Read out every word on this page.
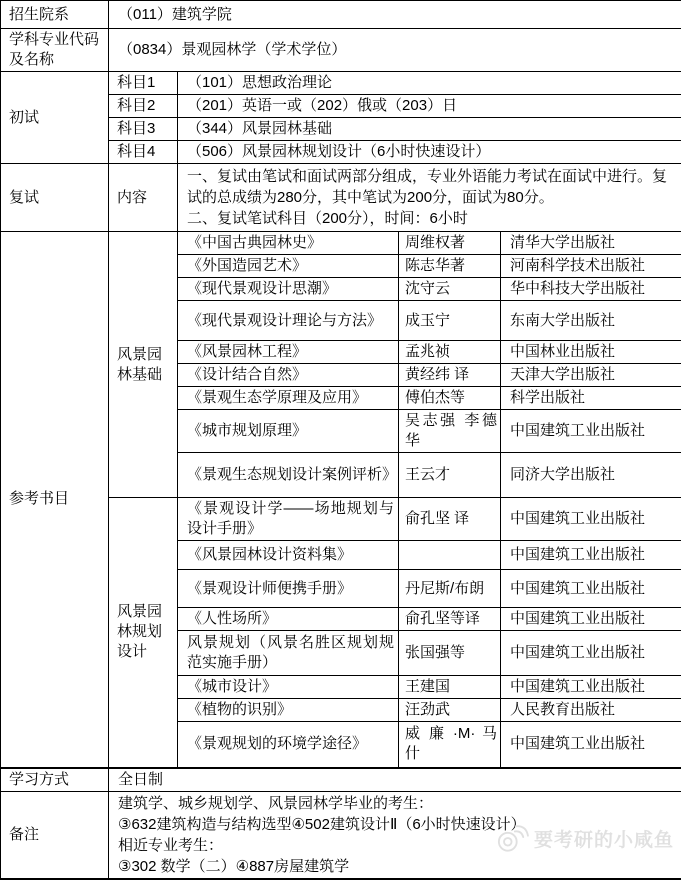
招生院系	（011）建筑学院			
学科专业代码及名称	（0834）景观园林学（学术学位）			
初试	科目1	（101）思想政治理论		
	科目2	（201）英语一或（202）俄或（203）日		
	科目3	（344）风景园林基础		
	科目4	（506）风景园林规划设计（6小时快速设计）		
复试	内容	一、复试由笔试和面试两部分组成，专业外语能力考试在面试中进行。复试的总成绩为280分，其中笔试为200分，面试为80分。
二、复试笔试科目（200分），时间：6小时		

参考书目	风景园林基础	《中国古典园林史》	周维权著	清华大学出版社
		《外国造园艺术》	陈志华著	河南科学技术出版社
		《现代景观设计思潮》	沈守云	华中科技大学出版社
		《现代景观设计理论与方法》	成玉宁	东南大学出版社
		《风景园林工程》	孟兆祯	中国林业出版社
		《设计结合自然》	黄经纬 译	天津大学出版社
		《景观生态学原理及应用》	傅伯杰等	科学出版社
		《城市规划原理》	吴志强 李德华	中国建筑工业出版社
		《景观生态规划设计案例评析》	王云才	同济大学出版社
	风景园林规划设计	《景观设计学——场地规划与设计手册》	俞孔坚 译	中国建筑工业出版社
		《风景园林设计资料集》		中国建筑工业出版社
		《景观设计师便携手册》	丹尼斯/布朗	中国建筑工业出版社
		《人性场所》	俞孔坚等译	中国建筑工业出版社
		风景规划（风景名胜区规划规范实施手册）	张国强等	中国建筑工业出版社
		《城市设计》	王建国	中国建筑工业出版社
		《植物的识别》	汪劲武	人民教育出版社
		《景观规划的环境学途径》	威 廉 ·M· 马什	中国建筑工业出版社
学习方式	全日制			
备注	建筑学、城乡规划学、风景园林学毕业的考生：
③632建筑构造与结构选型④502建筑设计Ⅱ（6小时快速设计）
相近专业考生：
③302 数学（二）④887房屋建筑学			
要考研的小咸鱼
